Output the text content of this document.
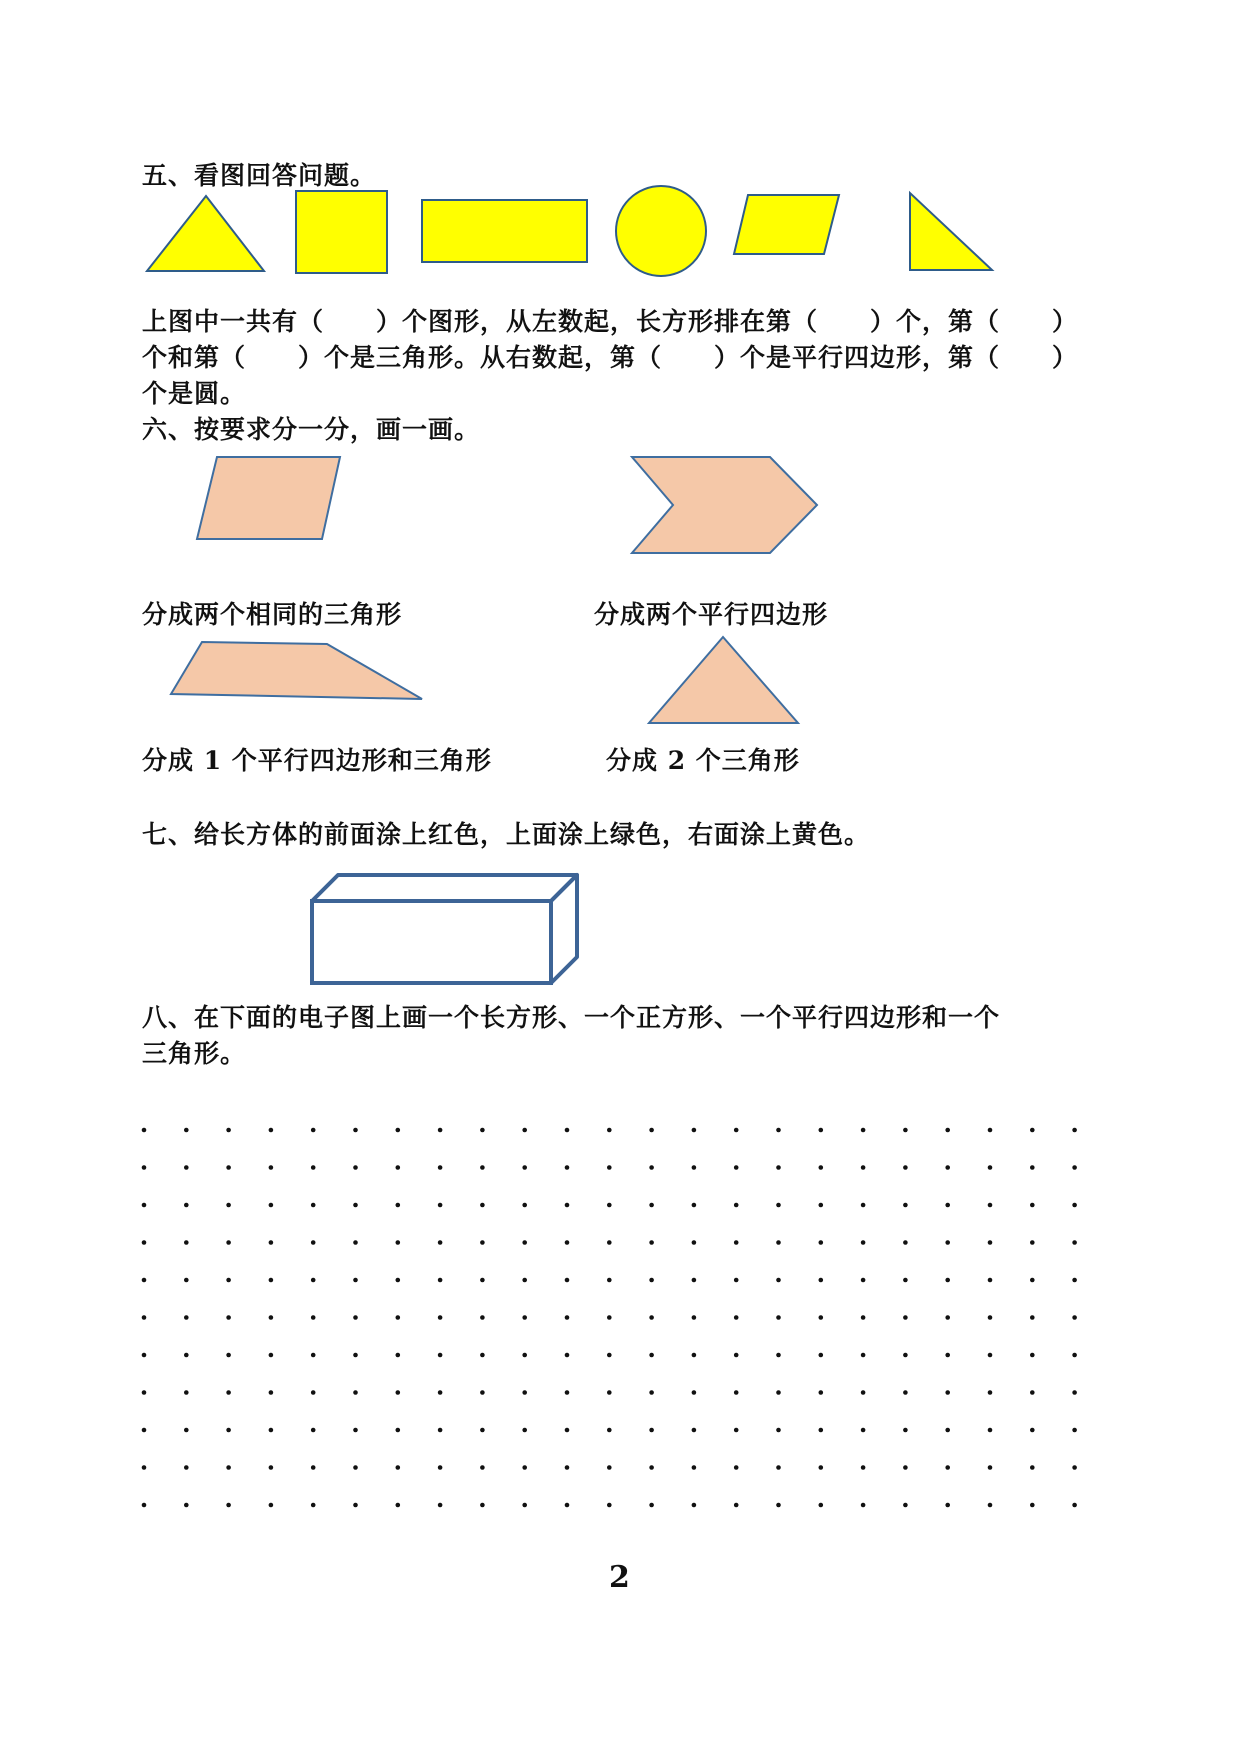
五、看图回答问题。
上图中一共有（　　）个图形，从左数起，长方形排在第（　　）个，第（　　）
个和第（　　）个是三角形。从右数起，第（　　）个是平行四边形，第（　　）
个是圆。
六、按要求分一分，画一画。
分成两个相同的三角形	分成两个平行四边形
分成 1 个平行四边形和三角形	分成 2 个三角形
七、给长方体的前面涂上红色，上面涂上绿色，右面涂上黄色。
八、在下面的电子图上画一个长方形、一个正方形、一个平行四边形和一个
三角形。
2
